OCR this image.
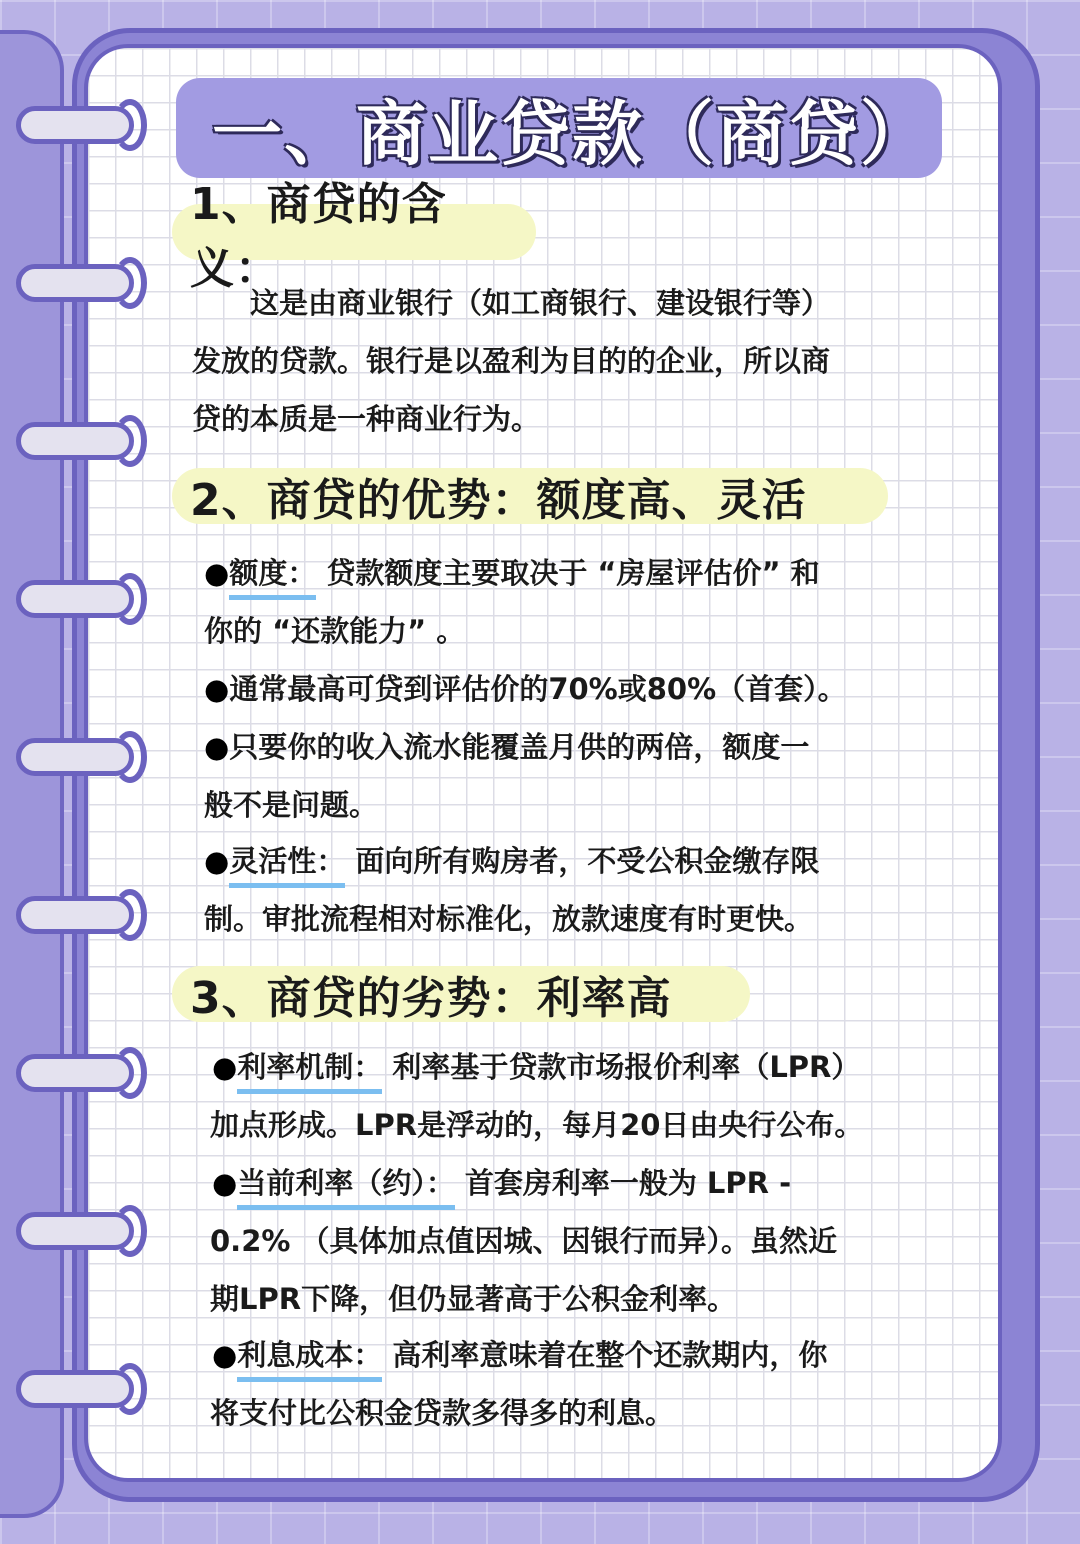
一、商业贷款（商贷）
1、商贷的含义：
这是由商业银行（如工商银行、建设银行等）
发放的贷款。银行是以盈利为目的的企业，所以商
贷的本质是一种商业行为。
2、商贷的优势：额度高、灵活
●额度： 贷款额度主要取决于 “房屋评估价” 和
你的 “还款能力” 。
●通常最高可贷到评估价的70%或80%（首套）。
●只要你的收入流水能覆盖月供的两倍，额度一
般不是问题。
●灵活性： 面向所有购房者，不受公积金缴存限
制。审批流程相对标准化，放款速度有时更快。
3、商贷的劣势：利率高
●利率机制： 利率基于贷款市场报价利率（LPR）
加点形成。LPR是浮动的，每月20日由央行公布。
●当前利率（约）： 首套房利率一般为 LPR -
0.2% （具体加点值因城、因银行而异）。虽然近
期LPR下降，但仍显著高于公积金利率。
●利息成本： 高利率意味着在整个还款期内，你
将支付比公积金贷款多得多的利息。
